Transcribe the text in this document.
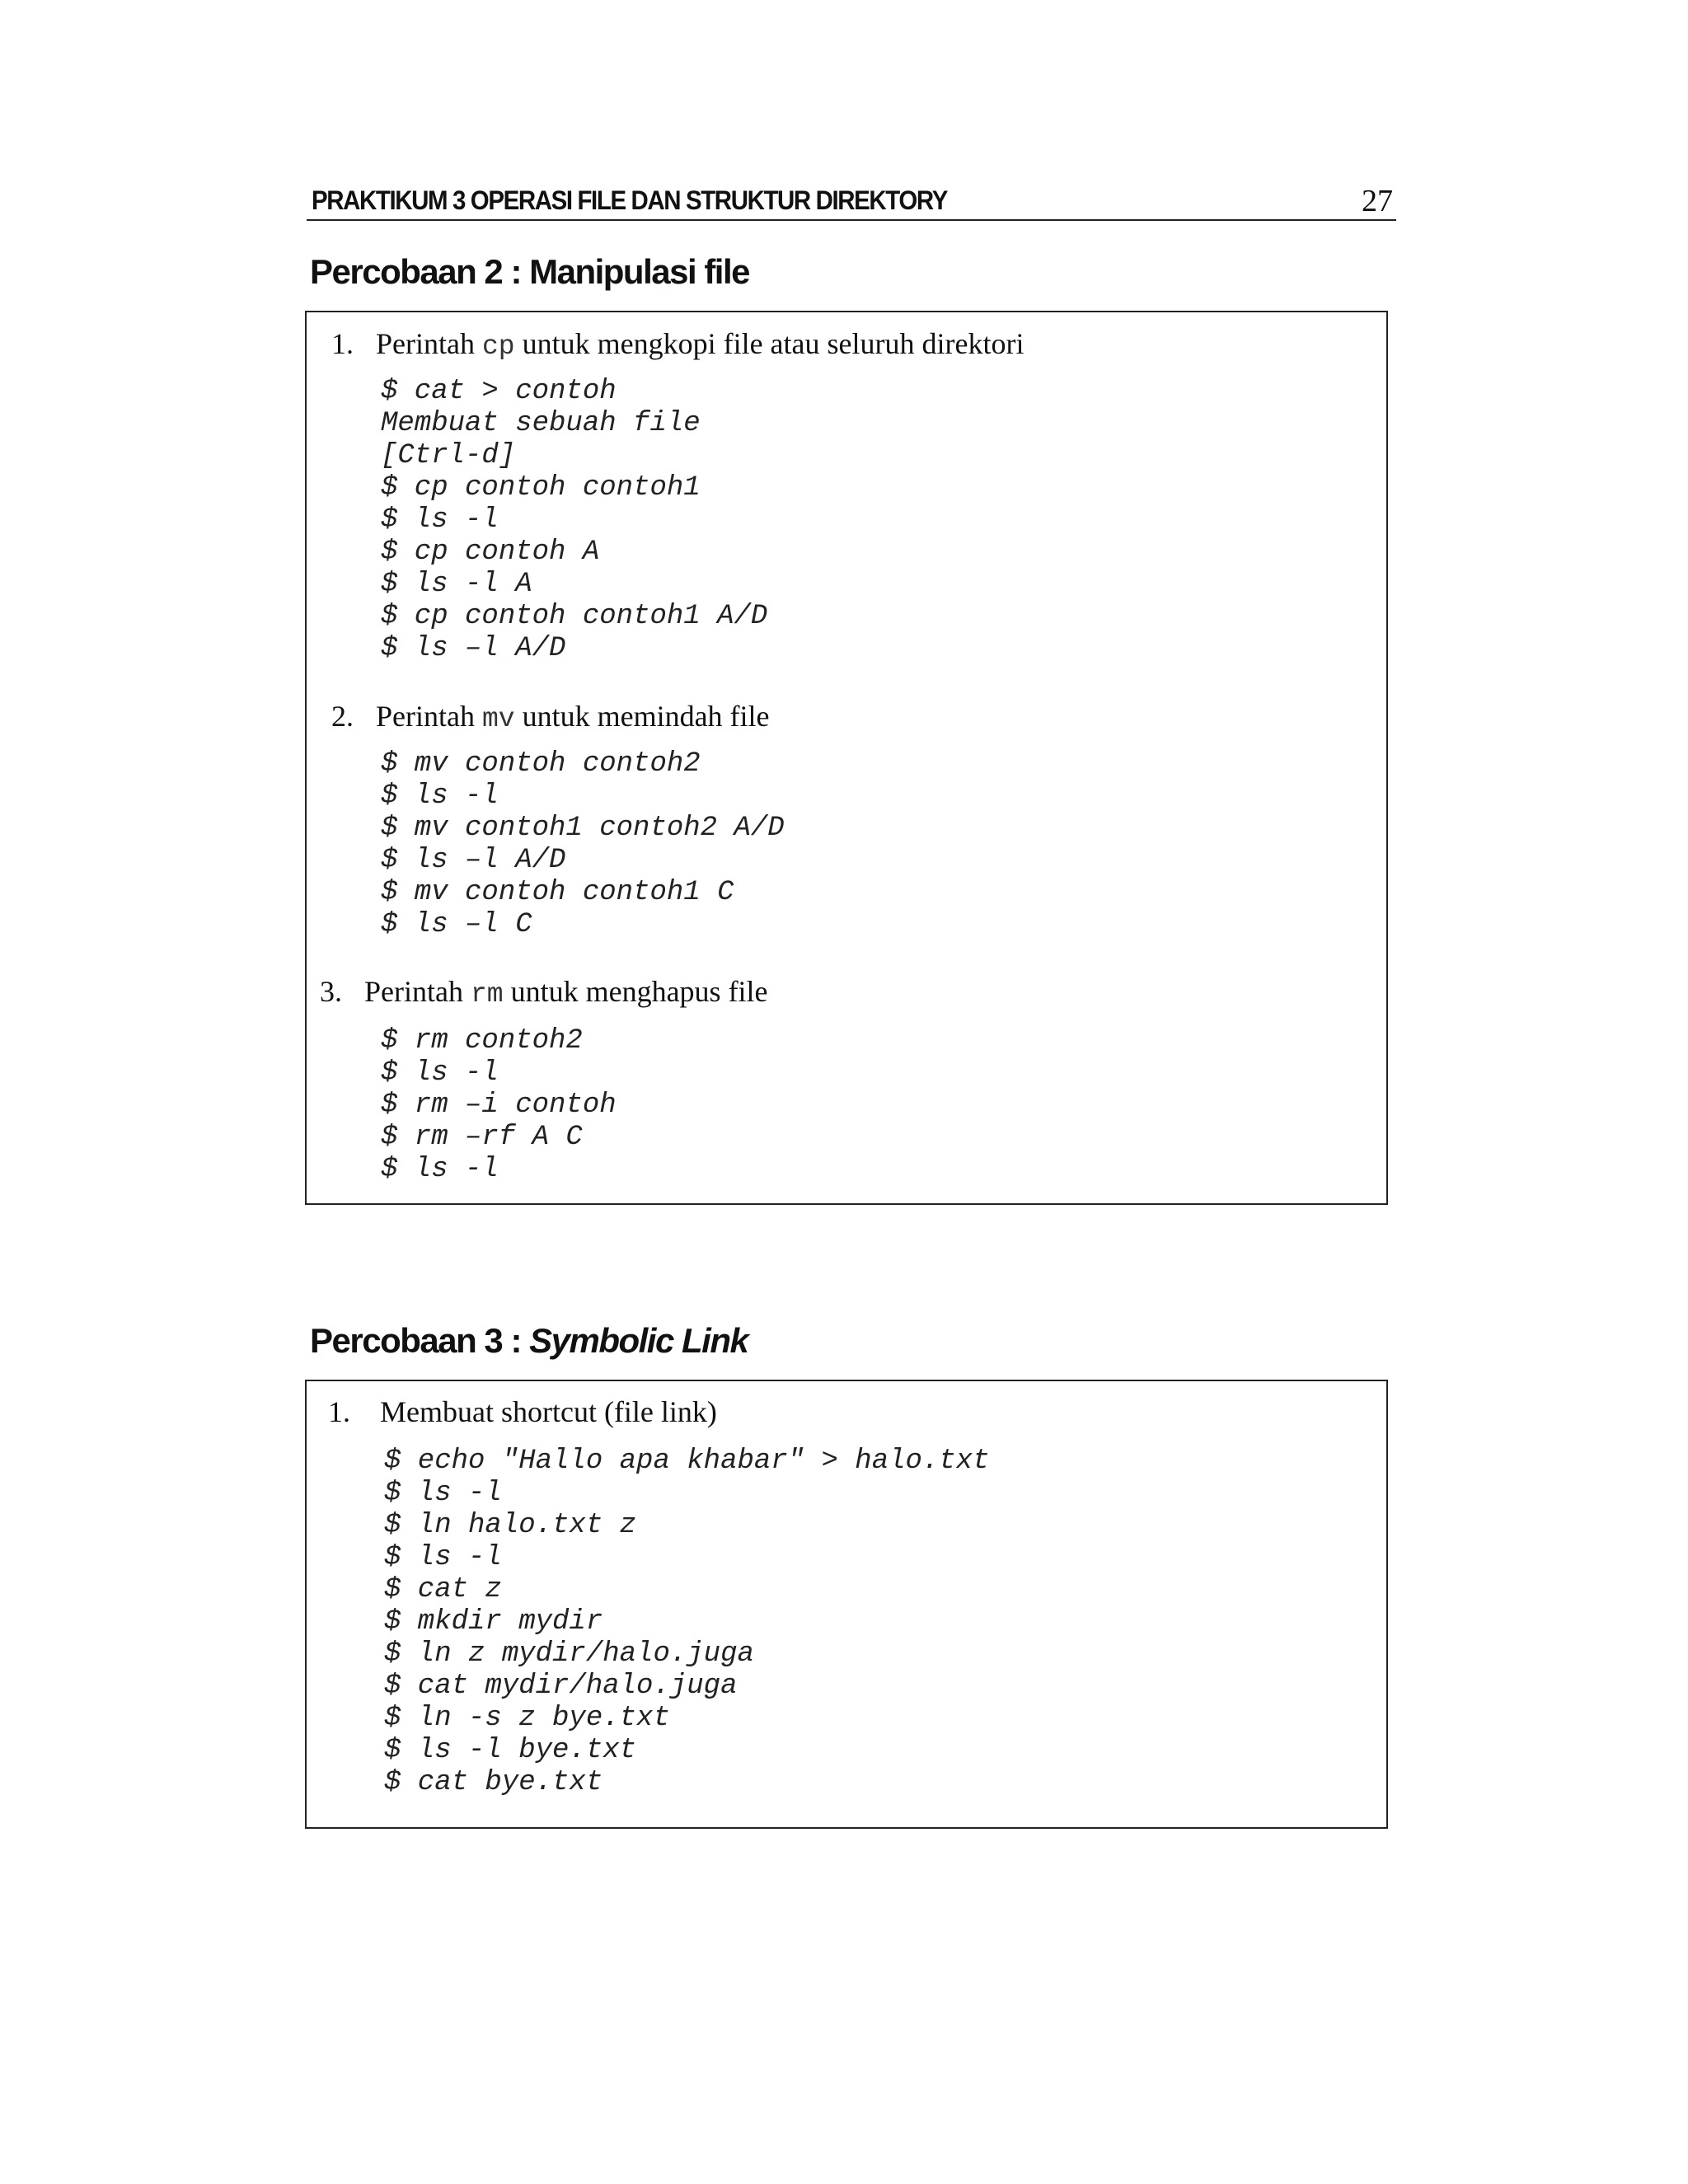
PRAKTIKUM 3 OPERASI FILE DAN STRUKTUR DIREKTORY	27
Percobaan 2 : Manipulasi file
1. Perintah cp untuk mengkopi file atau seluruh direktori
$ cat > contoh
Membuat sebuah file
[Ctrl-d]
$ cp contoh contoh1
$ ls -l
$ cp contoh A
$ ls -l A
$ cp contoh contoh1 A/D
$ ls –l A/D
2. Perintah mv untuk memindah file
$ mv contoh contoh2
$ ls -l
$ mv contoh1 contoh2 A/D
$ ls –l A/D
$ mv contoh contoh1 C
$ ls –l C
3. Perintah rm untuk menghapus file
$ rm contoh2
$ ls -l
$ rm –i contoh
$ rm –rf A C
$ ls -l
Percobaan 3 : Symbolic Link
1. Membuat shortcut (file link)
$ echo "Hallo apa khabar" > halo.txt
$ ls -l
$ ln halo.txt z
$ ls -l
$ cat z
$ mkdir mydir
$ ln z mydir/halo.juga
$ cat mydir/halo.juga
$ ln -s z bye.txt
$ ls -l bye.txt
$ cat bye.txt
